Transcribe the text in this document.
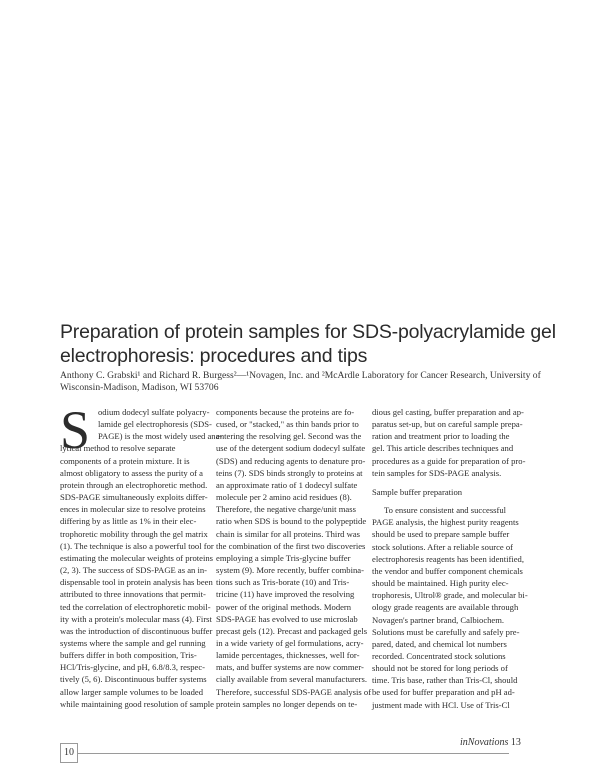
Preparation of protein samples for SDS-polyacrylamide gel
electrophoresis: procedures and tips
Anthony C. Grabski¹ and Richard R. Burgess²—¹Novagen, Inc. and ²McArdle Laboratory for Cancer Research, University of
Wisconsin-Madison, Madison, WI 53706
S odium dodecyl sulfate polyacry-
lamide gel electrophoresis (SDS-
PAGE) is the most widely used ana-
lytical method to resolve separate
components of a protein mixture. It is
almost obligatory to assess the purity of a
protein through an electrophoretic method.
SDS-PAGE simultaneously exploits differ-
ences in molecular size to resolve proteins
differing by as little as 1% in their elec-
trophoretic mobility through the gel matrix
(1). The technique is also a powerful tool for
estimating the molecular weights of proteins
(2, 3). The success of SDS-PAGE as an in-
dispensable tool in protein analysis has been
attributed to three innovations that permit-
ted the correlation of electrophoretic mobil-
ity with a protein's molecular mass (4). First
was the introduction of discontinuous buffer
systems where the sample and gel running
buffers differ in both composition, Tris-
HCl/Tris-glycine, and pH, 6.8/8.3, respec-
tively (5, 6). Discontinuous buffer systems
allow larger sample volumes to be loaded
while maintaining good resolution of sample
components because the proteins are fo-
cused, or "stacked," as thin bands prior to
entering the resolving gel. Second was the
use of the detergent sodium dodecyl sulfate
(SDS) and reducing agents to denature pro-
teins (7). SDS binds strongly to proteins at
an approximate ratio of 1 dodecyl sulfate
molecule per 2 amino acid residues (8).
Therefore, the negative charge/unit mass
ratio when SDS is bound to the polypeptide
chain is similar for all proteins. Third was
the combination of the first two discoveries
employing a simple Tris-glycine buffer
system (9). More recently, buffer combina-
tions such as Tris-borate (10) and Tris-
tricine (11) have improved the resolving
power of the original methods. Modern
SDS-PAGE has evolved to use microslab
precast gels (12). Precast and packaged gels
in a wide variety of gel formulations, acry-
lamide percentages, thicknesses, well for-
mats, and buffer systems are now commer-
cially available from several manufacturers.
Therefore, successful SDS-PAGE analysis of
protein samples no longer depends on te-
dious gel casting, buffer preparation and ap-
paratus set-up, but on careful sample prepa-
ration and treatment prior to loading the
gel. This article describes techniques and
procedures as a guide for preparation of pro-
tein samples for SDS-PAGE analysis.
Sample buffer preparation
To ensure consistent and successful
PAGE analysis, the highest purity reagents
should be used to prepare sample buffer
stock solutions. After a reliable source of
electrophoresis reagents has been identified,
the vendor and buffer component chemicals
should be maintained. High purity elec-
trophoresis, Ultrol® grade, and molecular bi-
ology grade reagents are available through
Novagen's partner brand, Calbiochem.
Solutions must be carefully and safely pre-
pared, dated, and chemical lot numbers
recorded. Concentrated stock solutions
should not be stored for long periods of
time. Tris base, rather than Tris-Cl, should
be used for buffer preparation and pH ad-
justment made with HCl. Use of Tris-Cl
10
inNovations 13
